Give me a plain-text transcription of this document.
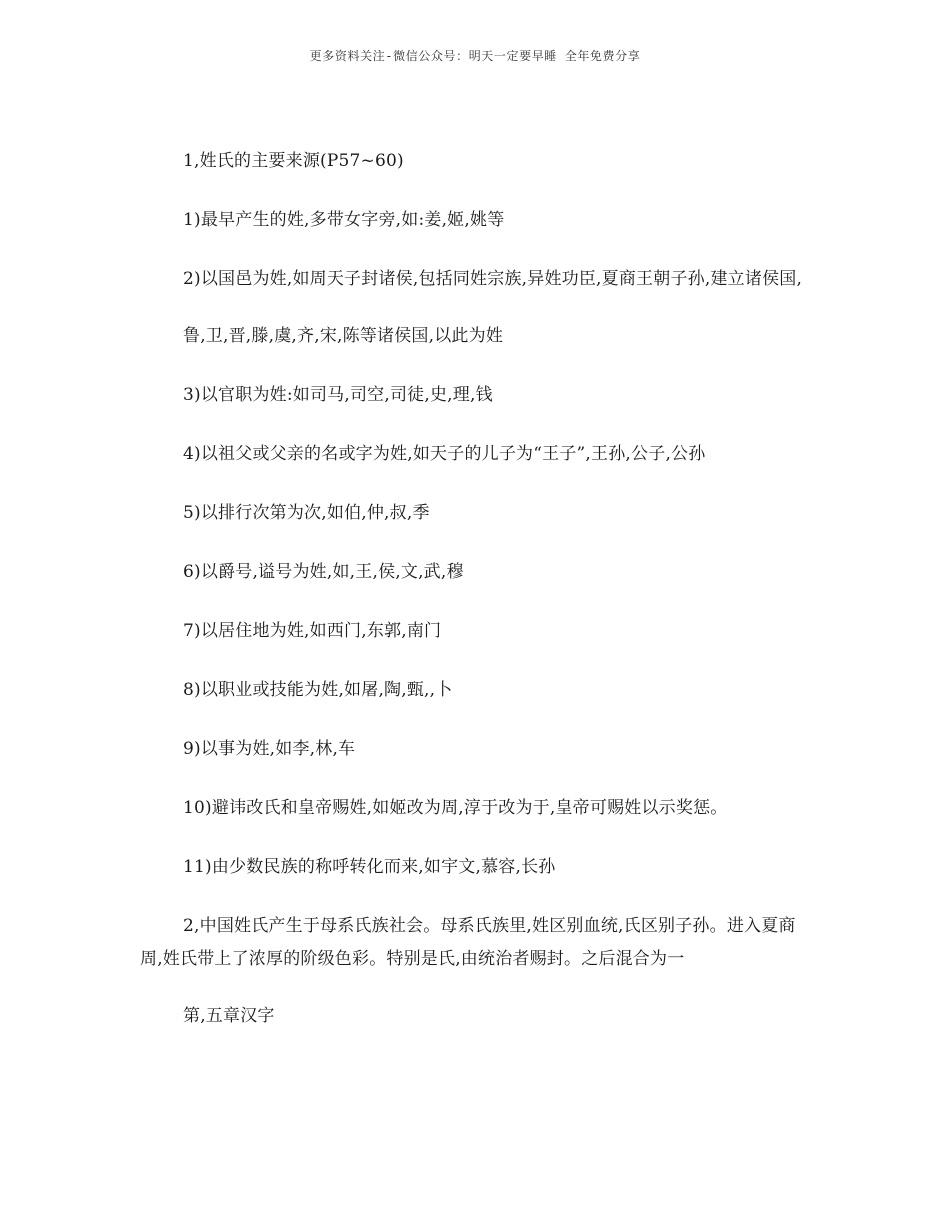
更多资料关注-微信公众号：明天一定要早睡 全年免费分享

1,姓氏的主要来源(P57~60)

1)最早产生的姓,多带女字旁,如:姜,姬,姚等

2)以国邑为姓,如周天子封诸侯,包括同姓宗族,异姓功臣,夏商王朝子孙,建立诸侯国,

鲁,卫,晋,滕,虞,齐,宋,陈等诸侯国,以此为姓

3)以官职为姓:如司马,司空,司徒,史,理,钱

4)以祖父或父亲的名或字为姓,如天子的儿子为“王子”,王孙,公子,公孙

5)以排行次第为次,如伯,仲,叔,季

6)以爵号,谥号为姓,如,王,侯,文,武,穆

7)以居住地为姓,如西门,东郭,南门

8)以职业或技能为姓,如屠,陶,甄,,卜

9)以事为姓,如李,林,车

10)避讳改氏和皇帝赐姓,如姬改为周,淳于改为于,皇帝可赐姓以示奖惩。

11)由少数民族的称呼转化而来,如宇文,慕容,长孙

2,中国姓氏产生于母系氏族社会。母系氏族里,姓区别血统,氏区别子孙。进入夏商周,姓氏带上了浓厚的阶级色彩。特别是氏,由统治者赐封。之后混合为一

第,五章汉字
